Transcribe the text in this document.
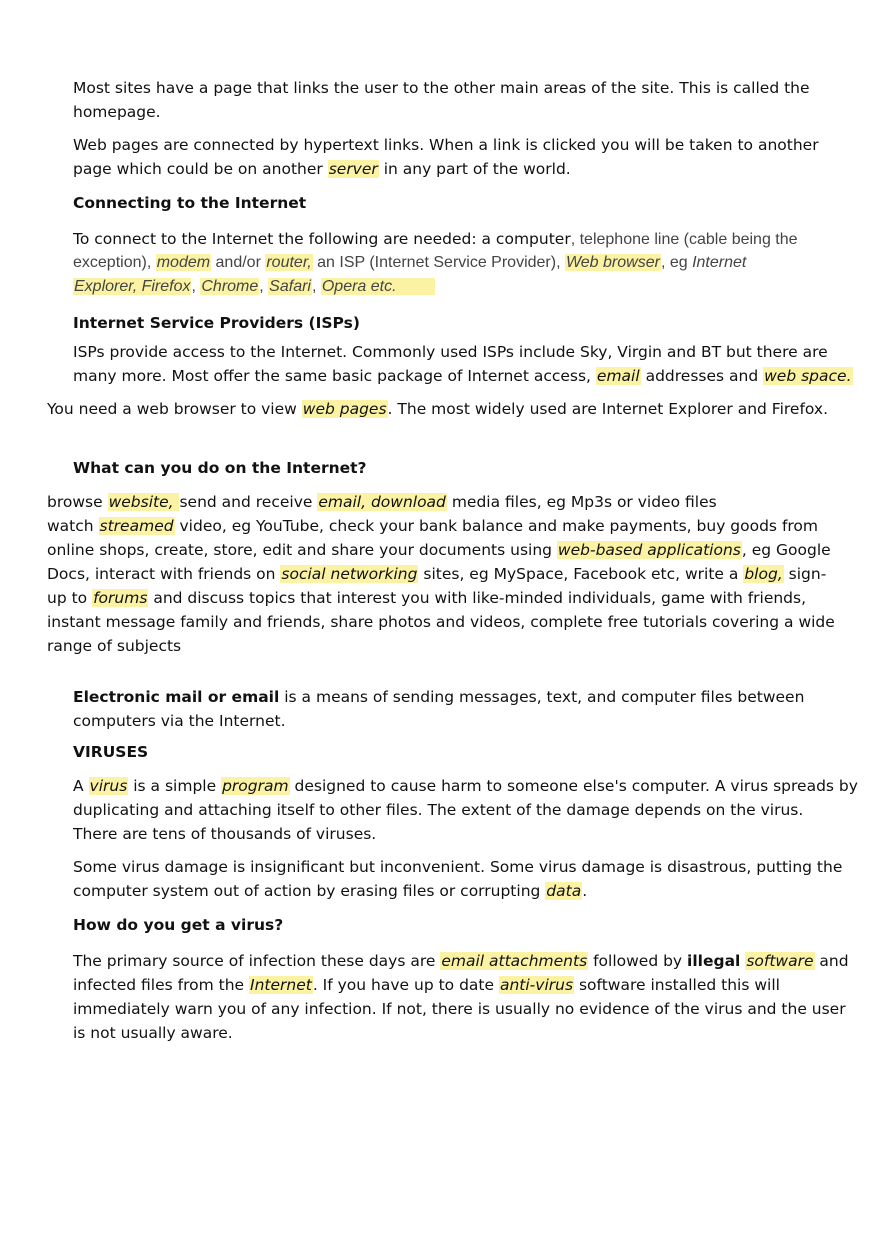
Most sites have a page that links the user to the other main areas of the site. This is called the
homepage.
Web pages are connected by hypertext links. When a link is clicked you will be taken to another
page which could be on another server in any part of the world.
Connecting to the Internet
To connect to the Internet the following are needed: a computer, telephone line (cable being the
exception), modem and/or router, an ISP (Internet Service Provider), Web browser, eg Internet
Explorer, Firefox, Chrome, Safari, Opera etc.
Internet Service Providers (ISPs)
ISPs provide access to the Internet. Commonly used ISPs include Sky, Virgin and BT but there are
many more. Most offer the same basic package of Internet access, email addresses and web space.
You need a web browser to view web pages. The most widely used are Internet Explorer and Firefox.
What can you do on the Internet?
browse website, send and receive email, download media files, eg Mp3s or video files
watch streamed video, eg YouTube, check your bank balance and make payments, buy goods from
online shops, create, store, edit and share your documents using web-based applications, eg Google
Docs, interact with friends on social networking sites, eg MySpace, Facebook etc, write a blog, sign-
up to forums and discuss topics that interest you with like-minded individuals, game with friends,
instant message family and friends, share photos and videos, complete free tutorials covering a wide
range of subjects
Electronic mail or email is a means of sending messages, text, and computer files between
computers via the Internet.
VIRUSES
A virus is a simple program designed to cause harm to someone else's computer. A virus spreads by
duplicating and attaching itself to other files. The extent of the damage depends on the virus.
There are tens of thousands of viruses.
Some virus damage is insignificant but inconvenient. Some virus damage is disastrous, putting the
computer system out of action by erasing files or corrupting data.
How do you get a virus?
The primary source of infection these days are email attachments followed by illegal software and
infected files from the Internet. If you have up to date anti-virus software installed this will
immediately warn you of any infection. If not, there is usually no evidence of the virus and the user
is not usually aware.
